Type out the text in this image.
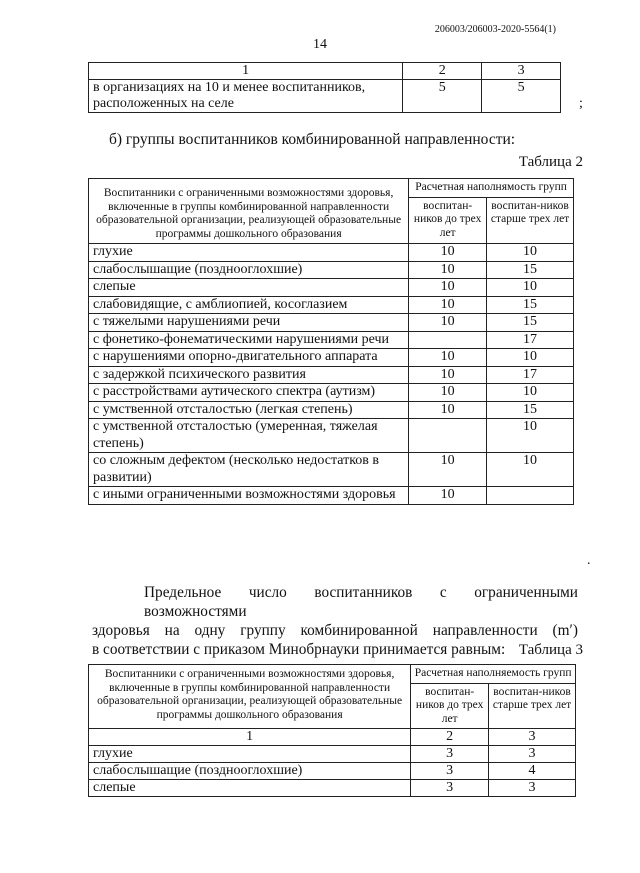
206003/206003-2020-5564(1)
14
1	2	3
в организациях на 10 и менее воспитанников, расположенных на селе	5	5
;
б) группы воспитанников комбинированной направленности:
Таблица 2
Воспитанники с ограниченными возможностями здоровья, включенные в группы комбинированной направленности образовательной организации, реализующей образовательные программы дошкольного образования	Расчетная наполнямость групп	
	воспитан-ников до трех лет	воспитан-ников старше трех лет
глухие	10	10
слабослышащие (позднооглохшие)	10	15
слепые	10	10
слабовидящие, с амблиопией, косоглазием	10	15
с тяжелыми нарушениями речи	10	15
с фонетико-фонематическими нарушениями речи		17
с нарушениями опорно-двигательного аппарата	10	10
с задержкой психического развития	10	17
с расстройствами аутического спектра (аутизм)	10	10
с умственной отсталостью (легкая степень)	10	15
с умственной отсталостью (умеренная, тяжелая степень)		10
со сложным дефектом (несколько недостатков в развитии)	10	10
с иными ограниченными возможностями здоровья	10	
.
Предельное число воспитанников с ограниченными возможностями
здоровья на одну группу комбинированной направленности (m′)
в соответствии с приказом Минобрнауки принимается равным: Таблица 3
Воспитанники с ограниченными возможностями здоровья, включенные в группы комбинированной направленности образовательной организации, реализующей образовательные программы дошкольного образования	Расчетная наполняемость групп	
	воспитан-ников до трех лет	воспитан-ников старше трех лет
1	2	3
глухие	3	3
слабослышащие (позднооглохшие)	3	4
слепые	3	3
